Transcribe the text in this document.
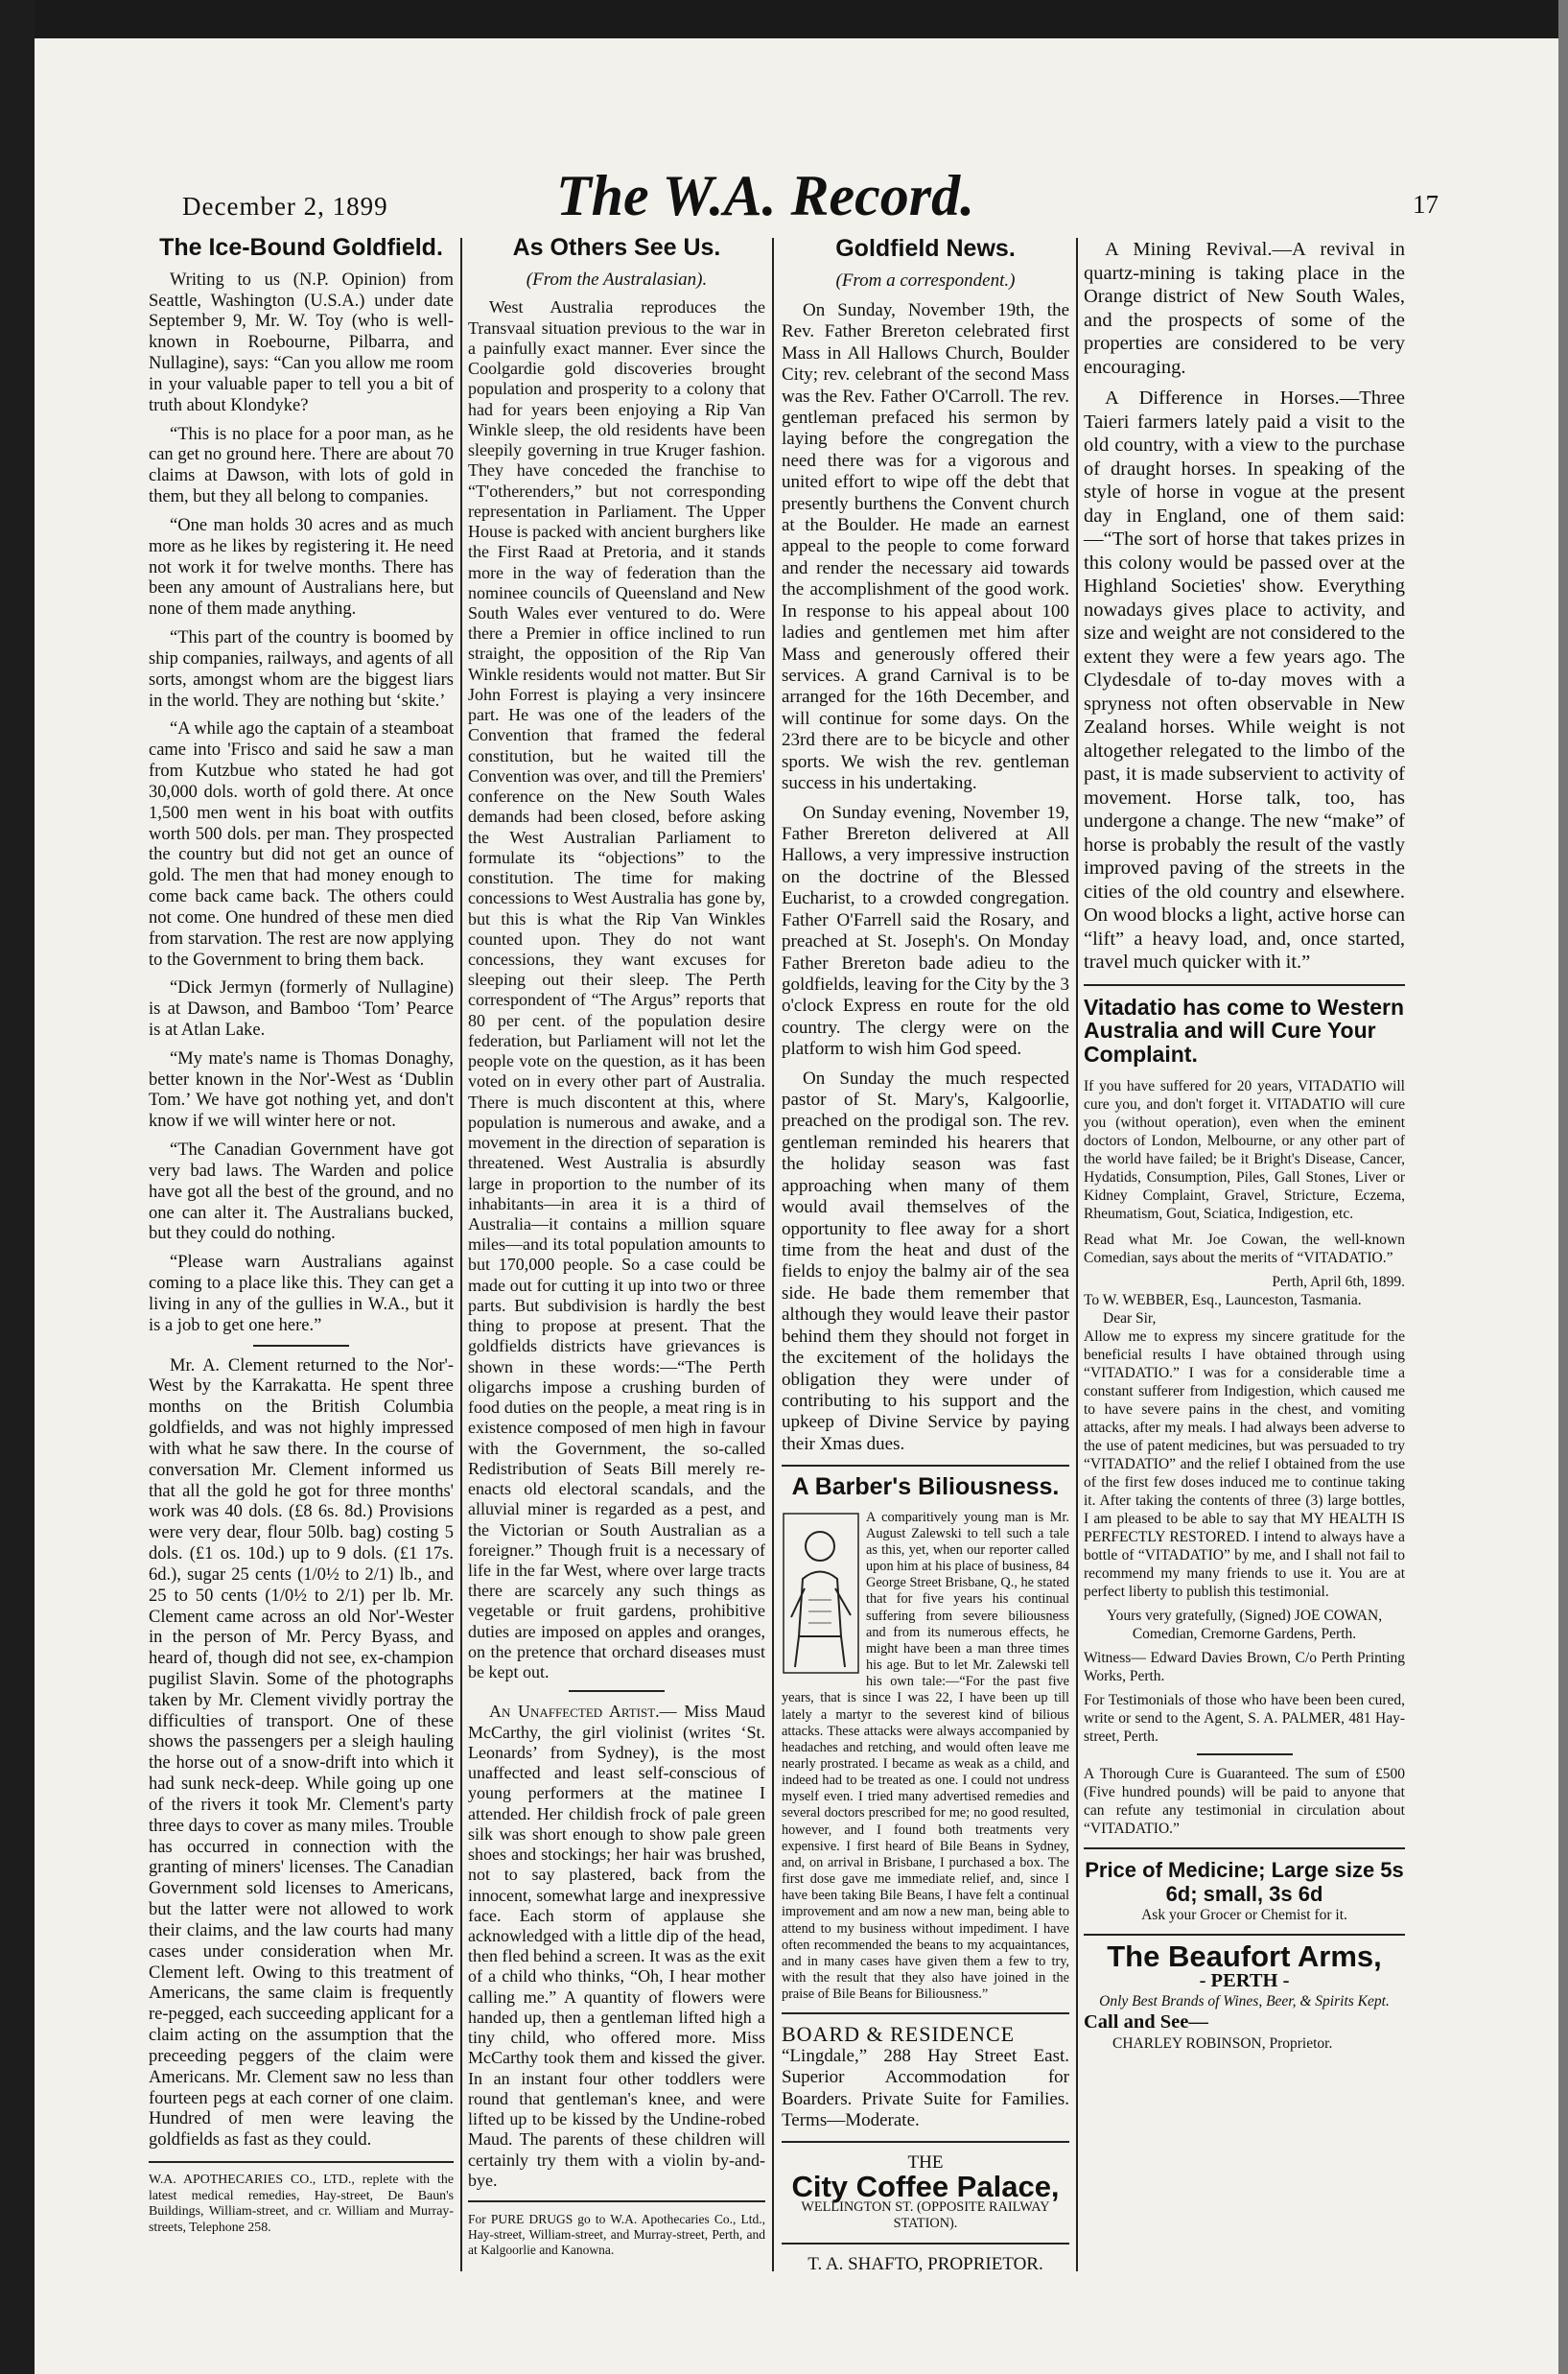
December 2, 1899	The W.A. Record.	17
The Ice-Bound Goldfield.

Writing to us (N.P. Opinion) from Seattle, Washington (U.S.A.) under date September 9, Mr. W. Toy (who is well-known in Roebourne, Pilbarra, and Nullagine), says: “Can you allow me room in your valuable paper to tell you a bit of truth about Klondyke?

“This is no place for a poor man, as he can get no ground here. There are about 70 claims at Dawson, with lots of gold in them, but they all belong to companies.

“One man holds 30 acres and as much more as he likes by registering it. He need not work it for twelve months. There has been any amount of Australians here, but none of them made anything.

“This part of the country is boomed by ship companies, railways, and agents of all sorts, amongst whom are the biggest liars in the world. They are nothing but ‘skite.’

“A while ago the captain of a steamboat came into 'Frisco and said he saw a man from Kutzbue who stated he had got 30,000 dols. worth of gold there. At once 1,500 men went in his boat with outfits worth 500 dols. per man. They prospected the country but did not get an ounce of gold. The men that had money enough to come back came back. The others could not come. One hundred of these men died from starvation. The rest are now applying to the Government to bring them back.

“Dick Jermyn (formerly of Nullagine) is at Dawson, and Bamboo ‘Tom’ Pearce is at Atlan Lake.

“My mate's name is Thomas Donaghy, better known in the Nor'-West as ‘Dublin Tom.’ We have got nothing yet, and don't know if we will winter here or not.

“The Canadian Government have got very bad laws. The Warden and police have got all the best of the ground, and no one can alter it. The Australians bucked, but they could do nothing.

“Please warn Australians against coming to a place like this. They can get a living in any of the gullies in W.A., but it is a job to get one here.”

Mr. A. Clement returned to the Nor'-West by the Karrakatta. He spent three months on the British Columbia goldfields, and was not highly impressed with what he saw there. In the course of conversation Mr. Clement informed us that all the gold he got for three months' work was 40 dols. (£8 6s. 8d.) Provisions were very dear, flour 50lb. bag) costing 5 dols. (£1 os. 10d.) up to 9 dols. (£1 17s. 6d.), sugar 25 cents (1/0½ to 2/1) lb., and 25 to 50 cents (1/0½ to 2/1) per lb. Mr. Clement came across an old Nor'-Wester in the person of Mr. Percy Byass, and heard of, though did not see, ex-champion pugilist Slavin. Some of the photographs taken by Mr. Clement vividly portray the difficulties of transport. One of these shows the passengers per a sleigh hauling the horse out of a snow-drift into which it had sunk neck-deep. While going up one of the rivers it took Mr. Clement's party three days to cover as many miles. Trouble has occurred in connection with the granting of miners' licenses. The Canadian Government sold licenses to Americans, but the latter were not allowed to work their claims, and the law courts had many cases under consideration when Mr. Clement left. Owing to this treatment of Americans, the same claim is frequently re-pegged, each succeeding applicant for a claim acting on the assumption that the preceeding peggers of the claim were Americans. Mr. Clement saw no less than fourteen pegs at each corner of one claim. Hundred of men were leaving the goldfields as fast as they could.

W.A. APOTHECARIES CO., LTD., replete with the latest medical remedies, Hay-street, De Baun's Buildings, William-street, and cr. William and Murray-streets, Telephone 258.
As Others See Us.
(From the Australasian).

West Australia reproduces the Transvaal situation previous to the war in a painfully exact manner. Ever since the Coolgardie gold discoveries brought population and prosperity to a colony that had for years been enjoying a Rip Van Winkle sleep, the old residents have been sleepily governing in true Kruger fashion. They have conceded the franchise to “T'otherenders,” but not corresponding representation in Parliament. The Upper House is packed with ancient burghers like the First Raad at Pretoria, and it stands more in the way of federation than the nominee councils of Queensland and New South Wales ever ventured to do. Were there a Premier in office inclined to run straight, the opposition of the Rip Van Winkle residents would not matter. But Sir John Forrest is playing a very insincere part. He was one of the leaders of the Convention that framed the federal constitution, but he waited till the Convention was over, and till the Premiers' conference on the New South Wales demands had been closed, before asking the West Australian Parliament to formulate its “objections” to the constitution. The time for making concessions to West Australia has gone by, but this is what the Rip Van Winkles counted upon. They do not want concessions, they want excuses for sleeping out their sleep. The Perth correspondent of “The Argus” reports that 80 per cent. of the population desire federation, but Parliament will not let the people vote on the question, as it has been voted on in every other part of Australia. There is much discontent at this, where population is numerous and awake, and a movement in the direction of separation is threatened. West Australia is absurdly large in proportion to the number of its inhabitants—in area it is a third of Australia—it contains a million square miles—and its total population amounts to but 170,000 people. So a case could be made out for cutting it up into two or three parts. But subdivision is hardly the best thing to propose at present. That the goldfields districts have grievances is shown in these words:—“The Perth oligarchs impose a crushing burden of food duties on the people, a meat ring is in existence composed of men high in favour with the Government, the so-called Redistribution of Seats Bill merely re-enacts old electoral scandals, and the alluvial miner is regarded as a pest, and the Victorian or South Australian as a foreigner.” Though fruit is a necessary of life in the far West, where over large tracts there are scarcely any such things as vegetable or fruit gardens, prohibitive duties are imposed on apples and oranges, on the pretence that orchard diseases must be kept out.

An Unaffected Artist.— Miss Maud McCarthy, the girl violinist (writes ‘St. Leonards’ from Sydney), is the most unaffected and least self-conscious of young performers at the matinee I attended. Her childish frock of pale green silk was short enough to show pale green shoes and stockings; her hair was brushed, not to say plastered, back from the innocent, somewhat large and inexpressive face. Each storm of applause she acknowledged with a little dip of the head, then fled behind a screen. It was as the exit of a child who thinks, “Oh, I hear mother calling me.” A quantity of flowers were handed up, then a gentleman lifted high a tiny child, who offered more. Miss McCarthy took them and kissed the giver. In an instant four other toddlers were round that gentleman's knee, and were lifted up to be kissed by the Undine-robed Maud. The parents of these children will certainly try them with a violin by-and-bye.

For PURE DRUGS go to W.A. Apothecaries Co., Ltd., Hay-street, William-street, and Murray-street, Perth, and at Kalgoorlie and Kanowna.
Goldfield News.
(From a correspondent.)

On Sunday, November 19th, the Rev. Father Brereton celebrated first Mass in All Hallows Church, Boulder City; rev. celebrant of the second Mass was the Rev. Father O'Carroll. The rev. gentleman prefaced his sermon by laying before the congregation the need there was for a vigorous and united effort to wipe off the debt that presently burthens the Convent church at the Boulder. He made an earnest appeal to the people to come forward and render the necessary aid towards the accomplishment of the good work. In response to his appeal about 100 ladies and gentlemen met him after Mass and generously offered their services. A grand Carnival is to be arranged for the 16th December, and will continue for some days. On the 23rd there are to be bicycle and other sports. We wish the rev. gentleman success in his undertaking.

On Sunday evening, November 19, Father Brereton delivered at All Hallows, a very impressive instruction on the doctrine of the Blessed Eucharist, to a crowded congregation. Father O'Farrell said the Rosary, and preached at St. Joseph's. On Monday Father Brereton bade adieu to the goldfields, leaving for the City by the 3 o'clock Express en route for the old country. The clergy were on the platform to wish him God speed.

On Sunday the much respected pastor of St. Mary's, Kalgoorlie, preached on the prodigal son. The rev. gentleman reminded his hearers that the holiday season was fast approaching when many of them would avail themselves of the opportunity to flee away for a short time from the heat and dust of the fields to enjoy the balmy air of the sea side. He bade them remember that although they would leave their pastor behind them they should not forget in the excitement of the holidays the obligation they were under of contributing to his support and the upkeep of Divine Service by paying their Xmas dues.

A Barber's Biliousness.
A comparitively young man is Mr. August Zalewski to tell such a tale as this, yet, when our reporter called upon him at his place of business, 84 George Street Brisbane, Q., he stated that for five years his continual suffering from severe biliousness and from its numerous effects, he might have been a man three times his age. But to let Mr. Zalewski tell his own tale:—“For the past five years, that is since I was 22, I have been up till lately a martyr to the severest kind of bilious attacks. These attacks were always accompanied by headaches and retching, and would often leave me nearly prostrated. I became as weak as a child, and indeed had to be treated as one. I could not undress myself even. I tried many advertised remedies and several doctors prescribed for me; no good resulted, however, and I found both treatments very expensive. I first heard of Bile Beans in Sydney, and, on arrival in Brisbane, I purchased a box. The first dose gave me immediate relief, and, since I have been taking Bile Beans, I have felt a continual improvement and am now a new man, being able to attend to my business without impediment. I have often recommended the beans to my acquaintances, and in many cases have given them a few to try, with the result that they also have joined in the praise of Bile Beans for Biliousness.”
BOARD & RESIDENCE
“Lingdale,” 288 Hay Street East. Superior Accommodation for Boarders. Private Suite for Families. Terms—Moderate.
THE
City Coffee Palace,
WELLINGTON ST. (OPPOSITE RAILWAY STATION).
T. A. SHAFTO, PROPRIETOR.

A Mining Revival.—A revival in quartz-mining is taking place in the Orange district of New South Wales, and the prospects of some of the properties are considered to be very encouraging.

A Difference in Horses.—Three Taieri farmers lately paid a visit to the old country, with a view to the purchase of draught horses. In speaking of the style of horse in vogue at the present day in England, one of them said:—“The sort of horse that takes prizes in this colony would be passed over at the Highland Societies' show. Everything nowadays gives place to activity, and size and weight are not considered to the extent they were a few years ago. The Clydesdale of to-day moves with a spryness not often observable in New Zealand horses. While weight is not altogether relegated to the limbo of the past, it is made subservient to activity of movement. Horse talk, too, has undergone a change. The new “make” of horse is probably the result of the vastly improved paving of the streets in the cities of the old country and elsewhere. On wood blocks a light, active horse can “lift” a heavy load, and, once started, travel much quicker with it.”

Vitadatio has come to Western Australia and will Cure Your Complaint.
If you have suffered for 20 years, VITADATIO will cure you, and don't forget it. VITADATIO will cure you (without operation), even when the eminent doctors of London, Melbourne, or any other part of the world have failed; be it Bright's Disease, Cancer, Hydatids, Consumption, Piles, Gall Stones, Liver or Kidney Complaint, Gravel, Stricture, Eczema, Rheumatism, Gout, Sciatica, Indigestion, etc.
Read what Mr. Joe Cowan, the well-known Comedian, says about the merits of “VITADATIO.”
Perth, April 6th, 1899.
To W. WEBBER, Esq., Launceston, Tasmania.
Dear Sir,
Allow me to express my sincere gratitude for the beneficial results I have obtained through using “VITADATIO.” I was for a considerable time a constant sufferer from Indigestion, which caused me to have severe pains in the chest, and vomiting attacks, after my meals. I had always been adverse to the use of patent medicines, but was persuaded to try “VITADATIO” and the relief I obtained from the use of the first few doses induced me to continue taking it. After taking the contents of three (3) large bottles, I am pleased to be able to say that MY HEALTH IS PERFECTLY RESTORED. I intend to always have a bottle of “VITADATIO” by me, and I shall not fail to recommend my many friends to use it. You are at perfect liberty to publish this testimonial.
Yours very gratefully, (Signed) JOE COWAN, Comedian, Cremorne Gardens, Perth.
Witness— Edward Davies Brown, C/o Perth Printing Works, Perth.
For Testimonials of those who have been been cured, write or send to the Agent, S. A. PALMER, 481 Hay-street, Perth.
A Thorough Cure is Guaranteed. The sum of £500 (Five hundred pounds) will be paid to anyone that can refute any testimonial in circulation about “VITADATIO.”
Price of Medicine; Large size 5s 6d; small, 3s 6d
Ask your Grocer or Chemist for it.
The Beaufort Arms,
- PERTH -
Only Best Brands of Wines, Beer, & Spirits Kept.
Call and See—
CHARLEY ROBINSON, Proprietor.
